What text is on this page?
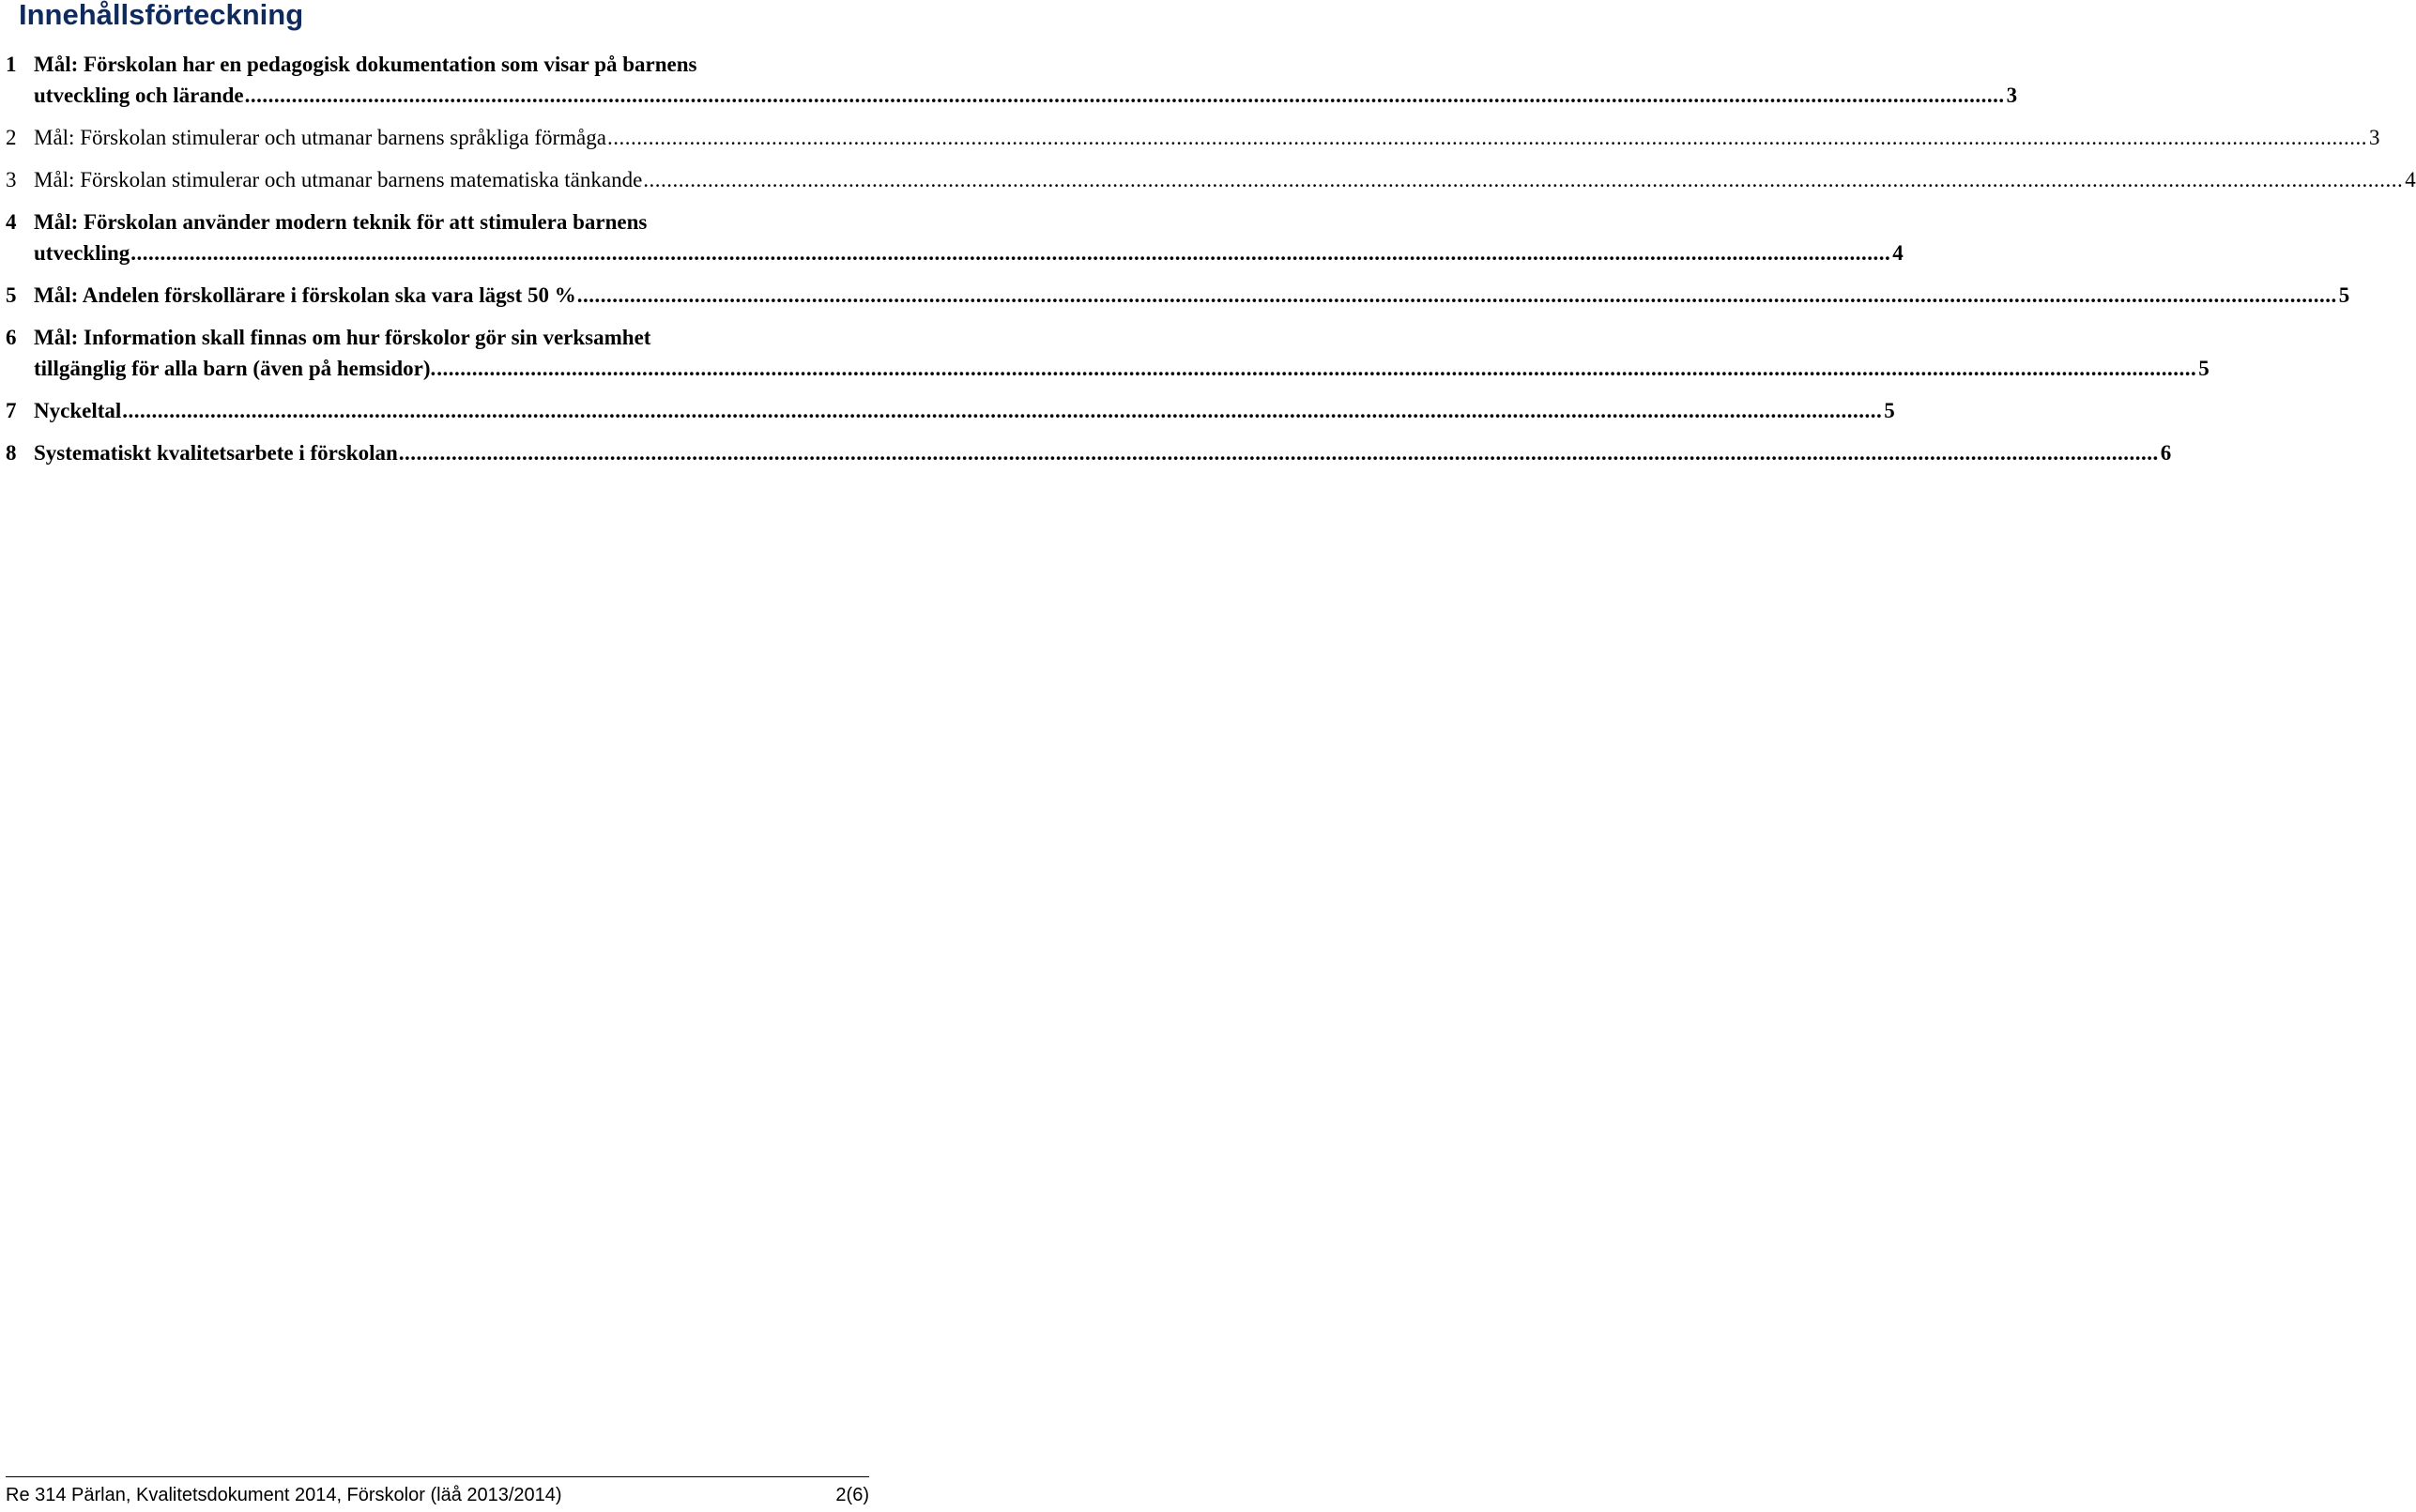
Innehållsförteckning
1 Mål: Förskolan har en pedagogisk dokumentation som visar på barnens
utveckling och lärande ............................................................................................................................................................................................................................................................................................................ 3
2 Mål: Förskolan stimulerar och utmanar barnens språkliga förmåga ............................................................................................................................................................................................................................................................................................................ 3
3 Mål: Förskolan stimulerar och utmanar barnens matematiska tänkande ............................................................................................................................................................................................................................................................................................................ 4
4 Mål: Förskolan använder modern teknik för att stimulera barnens
utveckling ............................................................................................................................................................................................................................................................................................................ 4
5 Mål: Andelen förskollärare i förskolan ska vara lägst 50 % ............................................................................................................................................................................................................................................................................................................ 5
6 Mål: Information skall finnas om hur förskolor gör sin verksamhet
tillgänglig för alla barn (även på hemsidor). ............................................................................................................................................................................................................................................................................................................ 5
7 Nyckeltal ............................................................................................................................................................................................................................................................................................................ 5
8 Systematiskt kvalitetsarbete i förskolan ............................................................................................................................................................................................................................................................................................................ 6
Re 314 Pärlan, Kvalitetsdokument 2014, Förskolor (läå 2013/2014)	2(6)
